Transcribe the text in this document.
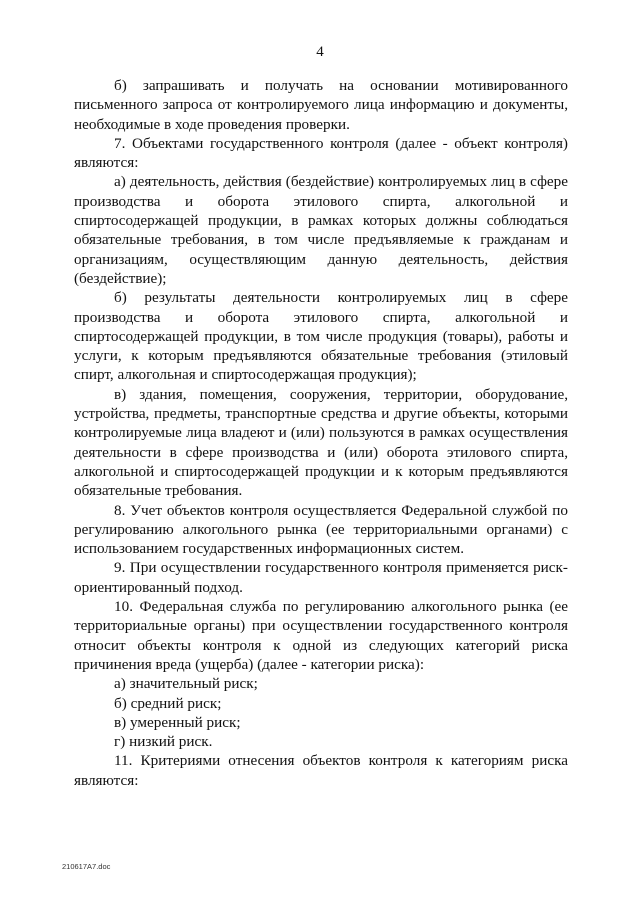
4

б) запрашивать и получать на основании мотивированного письменного запроса от контролируемого лица информацию и документы, необходимые в ходе проведения проверки.

7. Объектами государственного контроля (далее - объект контроля) являются:

а) деятельность, действия (бездействие) контролируемых лиц в сфере производства и оборота этилового спирта, алкогольной и спиртосодержащей продукции, в рамках которых должны соблюдаться обязательные требования, в том числе предъявляемые к гражданам и организациям, осуществляющим данную деятельность, действия (бездействие);

б) результаты деятельности контролируемых лиц в сфере производства и оборота этилового спирта, алкогольной и спиртосодержащей продукции, в том числе продукция (товары), работы и услуги, к которым предъявляются обязательные требования (этиловый спирт, алкогольная и спиртосодержащая продукция);

в) здания, помещения, сооружения, территории, оборудование, устройства, предметы, транспортные средства и другие объекты, которыми контролируемые лица владеют и (или) пользуются в рамках осуществления деятельности в сфере производства и (или) оборота этилового спирта, алкогольной и спиртосодержащей продукции и к которым предъявляются обязательные требования.

8. Учет объектов контроля осуществляется Федеральной службой по регулированию алкогольного рынка (ее территориальными органами) с использованием государственных информационных систем.

9. При осуществлении государственного контроля применяется риск-ориентированный подход.

10. Федеральная служба по регулированию алкогольного рынка (ее территориальные органы) при осуществлении государственного контроля относит объекты контроля к одной из следующих категорий риска причинения вреда (ущерба) (далее - категории риска):

а) значительный риск;

б) средний риск;

в) умеренный риск;

г) низкий риск.

11. Критериями отнесения объектов контроля к категориям риска являются:

210617A7.doc
